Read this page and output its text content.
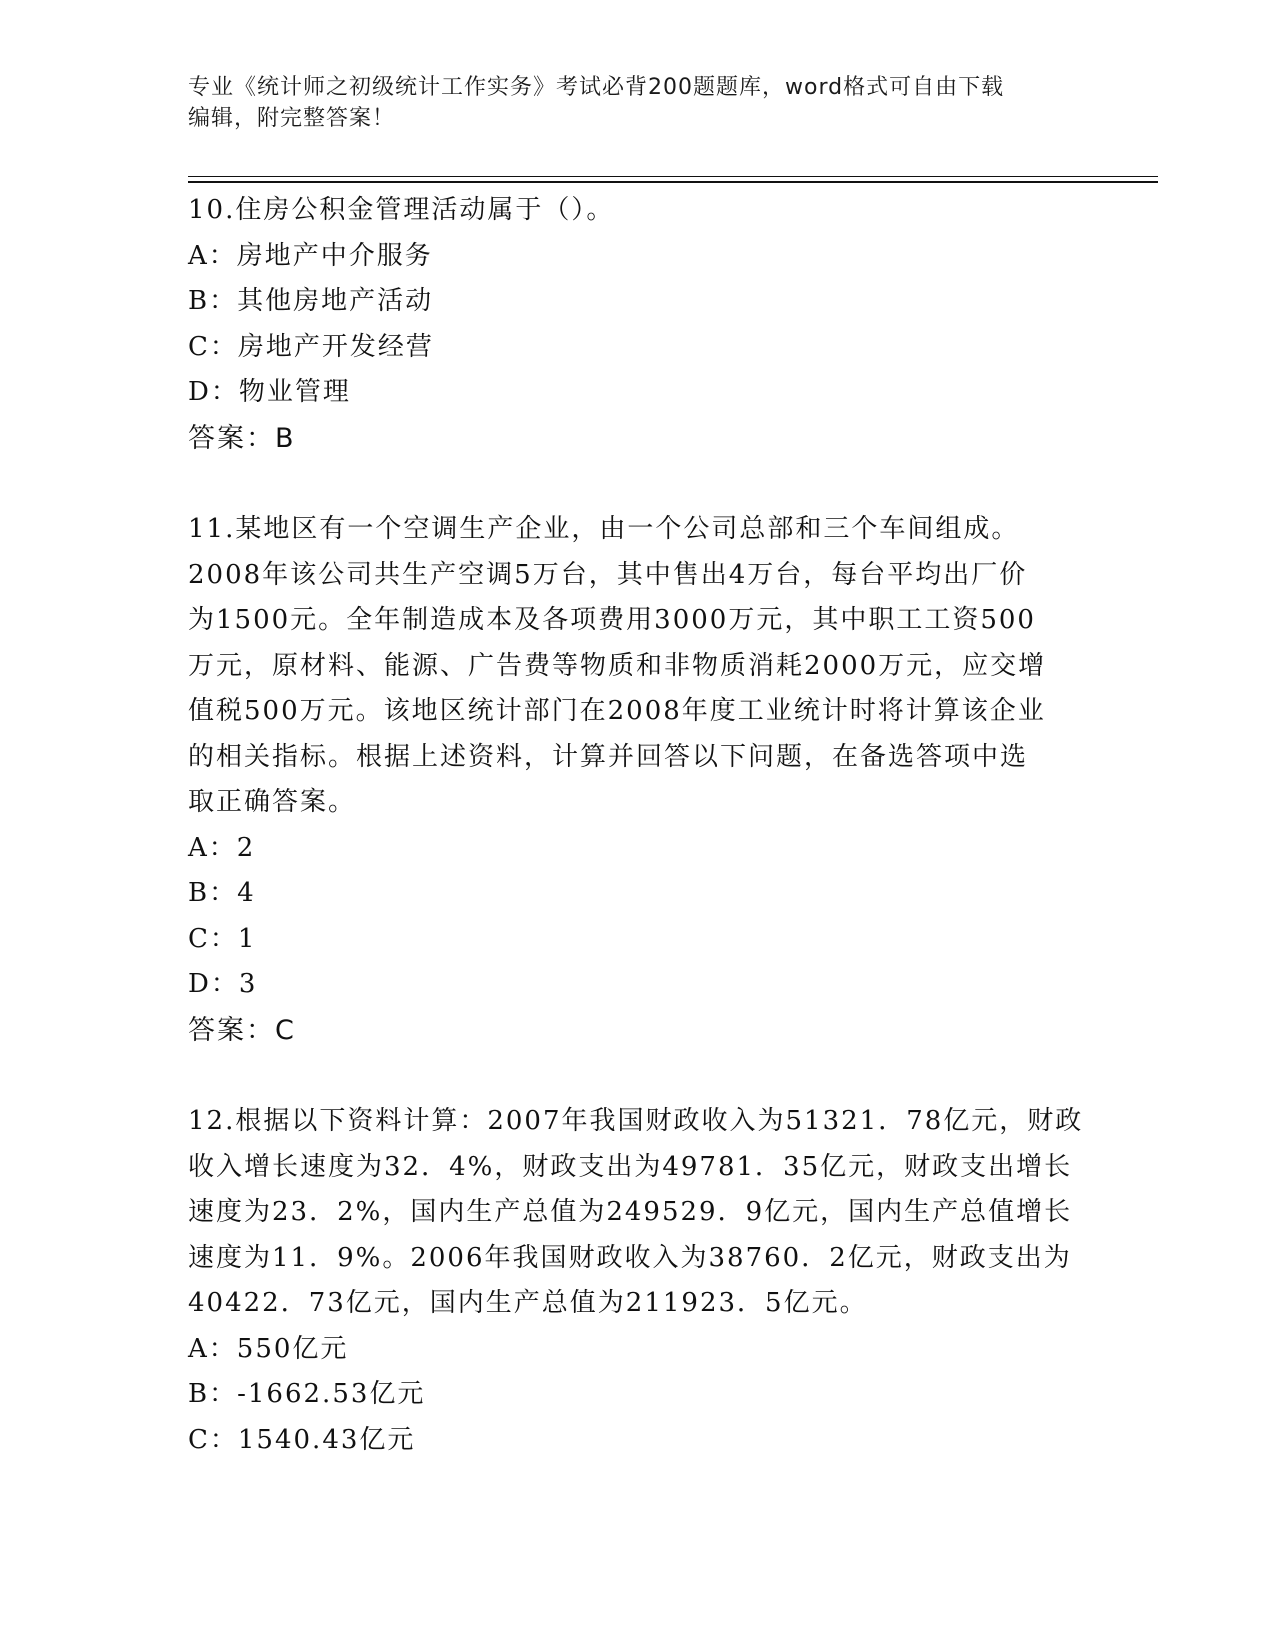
专业《统计师之初级统计工作实务》考试必背200题题库，word格式可自由下载
编辑，附完整答案！
10.住房公积金管理活动属于（）。
A：房地产中介服务
B：其他房地产活动
C：房地产开发经营
D：物业管理
答案：B
11.某地区有一个空调生产企业，由一个公司总部和三个车间组成。
2008年该公司共生产空调5万台，其中售出4万台，每台平均出厂价
为1500元。全年制造成本及各项费用3000万元，其中职工工资500
万元，原材料、能源、广告费等物质和非物质消耗2000万元，应交增
值税500万元。该地区统计部门在2008年度工业统计时将计算该企业
的相关指标。根据上述资料，计算并回答以下问题，在备选答项中选
取正确答案。
A：2
B：4
C：1
D：3
答案：C
12.根据以下资料计算：2007年我国财政收入为51321．78亿元，财政
收入增长速度为32．4%，财政支出为49781．35亿元，财政支出增长
速度为23．2%，国内生产总值为249529．9亿元，国内生产总值增长
速度为11．9%。2006年我国财政收入为38760．2亿元，财政支出为
40422．73亿元，国内生产总值为211923．5亿元。
A：550亿元
B：-1662.53亿元
C：1540.43亿元
